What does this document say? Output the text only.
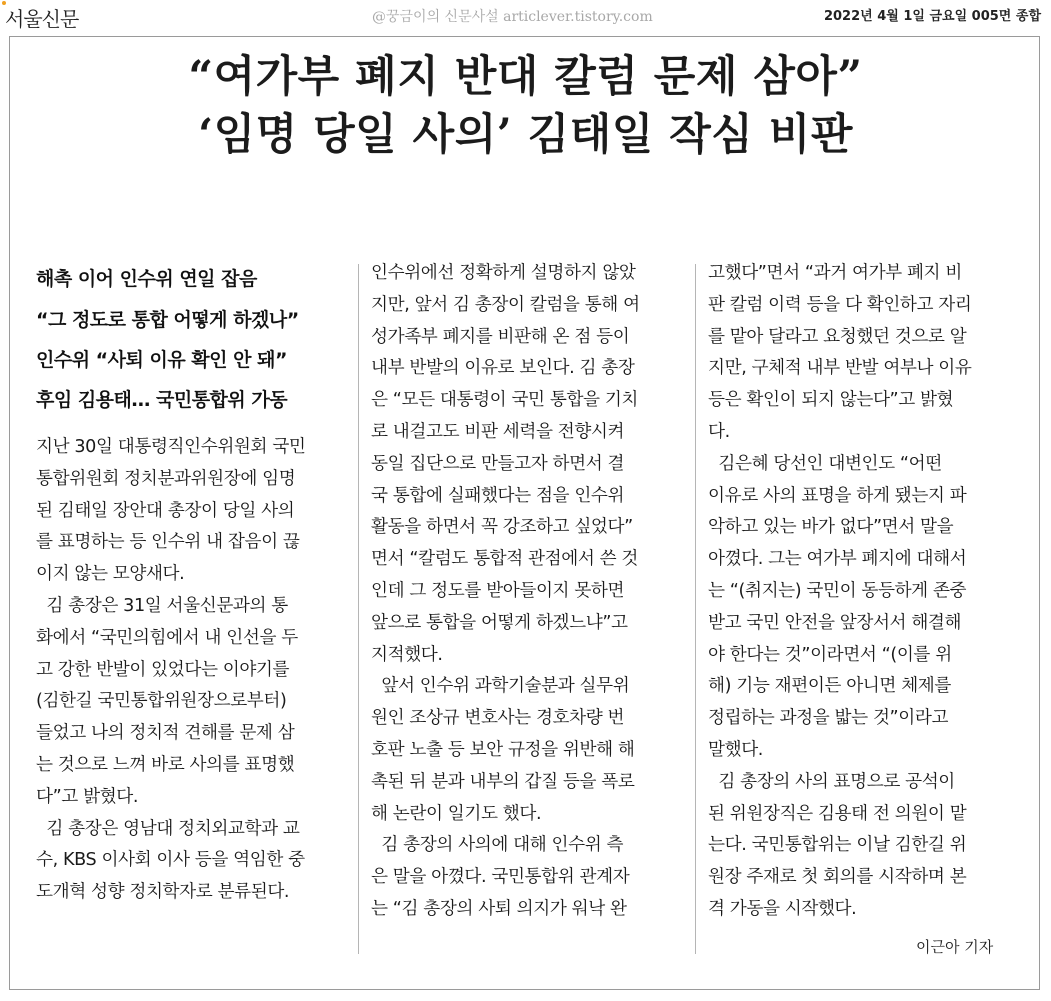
서울신문	@꿍금이의 신문사설 articlever.tistory.com	2022년 4월 1일 금요일 005면 종합
“여가부 폐지 반대 칼럼 문제 삼아”
‘임명 당일 사의’ 김태일 작심 비판
해촉 이어 인수위 연일 잡음
“그 정도로 통합 어떻게 하겠나”
인수위 “사퇴 이유 확인 안 돼”
후임 김용태… 국민통합위 가동
지난 30일 대통령직인수위원회 국민
통합위원회 정치분과위원장에 임명
된 김태일 장안대 총장이 당일 사의
를 표명하는 등 인수위 내 잡음이 끊
이지 않는 모양새다.
김 총장은 31일 서울신문과의 통
화에서 “국민의힘에서 내 인선을 두
고 강한 반발이 있었다는 이야기를
(김한길 국민통합위원장으로부터)
들었고 나의 정치적 견해를 문제 삼
는 것으로 느껴 바로 사의를 표명했
다”고 밝혔다.
김 총장은 영남대 정치외교학과 교
수, KBS 이사회 이사 등을 역임한 중
도개혁 성향 정치학자로 분류된다.
인수위에선 정확하게 설명하지 않았
지만, 앞서 김 총장이 칼럼을 통해 여
성가족부 폐지를 비판해 온 점 등이
내부 반발의 이유로 보인다. 김 총장
은 “모든 대통령이 국민 통합을 기치
로 내걸고도 비판 세력을 전향시켜
동일 집단으로 만들고자 하면서 결
국 통합에 실패했다는 점을 인수위
활동을 하면서 꼭 강조하고 싶었다”
면서 “칼럼도 통합적 관점에서 쓴 것
인데 그 정도를 받아들이지 못하면
앞으로 통합을 어떻게 하겠느냐”고
지적했다.
앞서 인수위 과학기술분과 실무위
원인 조상규 변호사는 경호차량 번
호판 노출 등 보안 규정을 위반해 해
촉된 뒤 분과 내부의 갑질 등을 폭로
해 논란이 일기도 했다.
김 총장의 사의에 대해 인수위 측
은 말을 아꼈다. 국민통합위 관계자
는 “김 총장의 사퇴 의지가 워낙 완
고했다”면서 “과거 여가부 폐지 비
판 칼럼 이력 등을 다 확인하고 자리
를 맡아 달라고 요청했던 것으로 알
지만, 구체적 내부 반발 여부나 이유
등은 확인이 되지 않는다”고 밝혔
다.
김은혜 당선인 대변인도 “어떤
이유로 사의 표명을 하게 됐는지 파
악하고 있는 바가 없다”면서 말을
아꼈다. 그는 여가부 폐지에 대해서
는 “(취지는) 국민이 동등하게 존중
받고 국민 안전을 앞장서서 해결해
야 한다는 것”이라면서 “(이를 위
해) 기능 재편이든 아니면 체제를
정립하는 과정을 밟는 것”이라고
말했다.
김 총장의 사의 표명으로 공석이
된 위원장직은 김용태 전 의원이 맡
는다. 국민통합위는 이날 김한길 위
원장 주재로 첫 회의를 시작하며 본
격 가동을 시작했다.
이근아 기자
